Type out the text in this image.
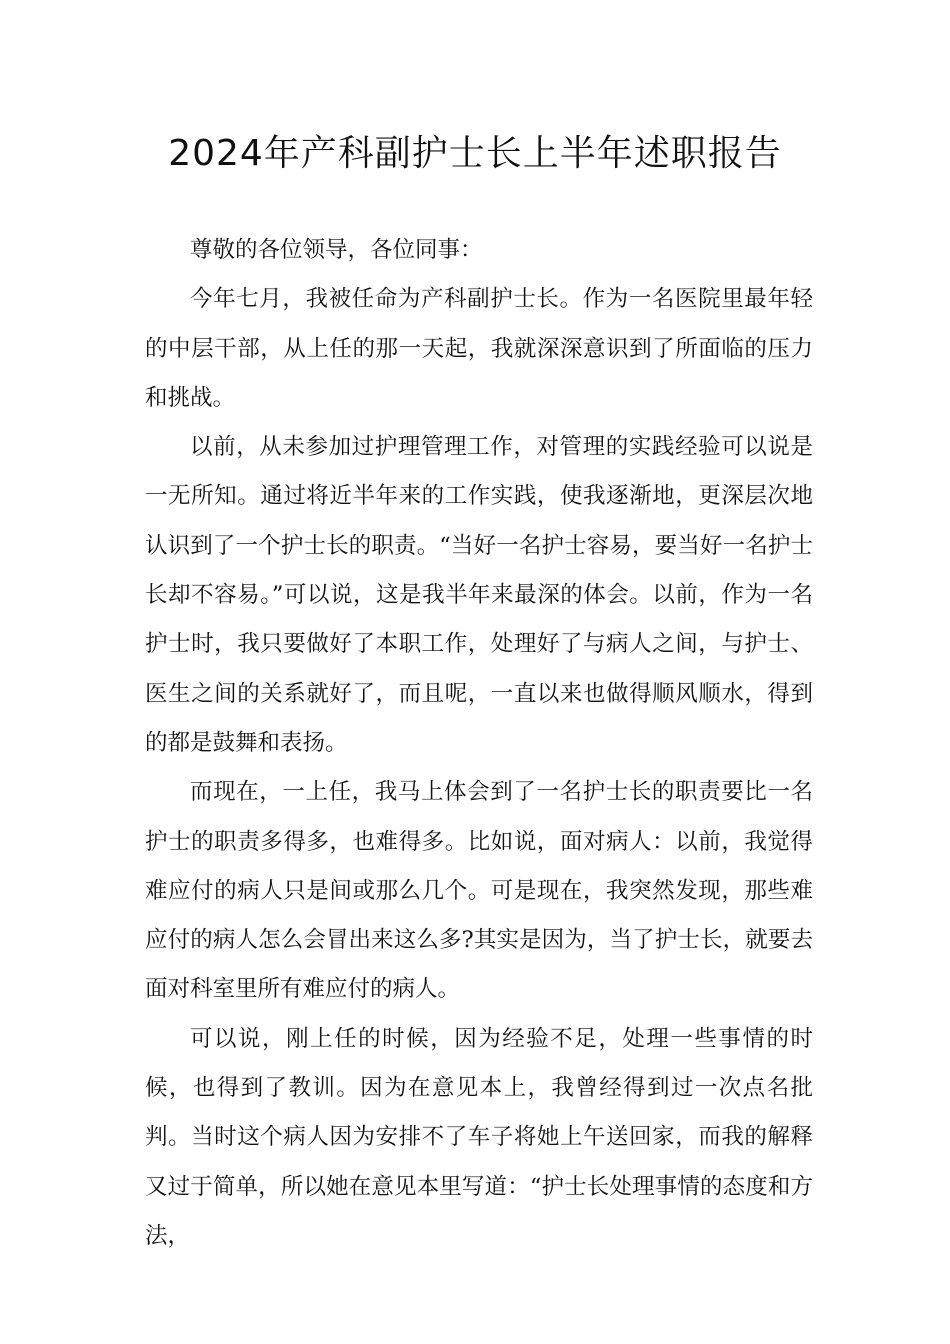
2024年产科副护士长上半年述职报告

尊敬的各位领导，各位同事：

今年七月，我被任命为产科副护士长。作为一名医院里最年轻的中层干部，从上任的那一天起，我就深深意识到了所面临的压力和挑战。

以前，从未参加过护理管理工作，对管理的实践经验可以说是一无所知。通过将近半年来的工作实践，使我逐渐地，更深层次地认识到了一个护士长的职责。“当好一名护士容易，要当好一名护士长却不容易。”可以说，这是我半年来最深的体会。以前，作为一名护士时，我只要做好了本职工作，处理好了与病人之间，与护士、医生之间的关系就好了，而且呢，一直以来也做得顺风顺水，得到的都是鼓舞和表扬。

而现在，一上任，我马上体会到了一名护士长的职责要比一名护士的职责多得多，也难得多。比如说，面对病人：以前，我觉得难应付的病人只是间或那么几个。可是现在，我突然发现，那些难应付的病人怎么会冒出来这么多?其实是因为，当了护士长，就要去面对科室里所有难应付的病人。

可以说，刚上任的时候，因为经验不足，处理一些事情的时候，也得到了教训。因为在意见本上，我曾经得到过一次点名批判。当时这个病人因为安排不了车子将她上午送回家，而我的解释又过于简单，所以她在意见本里写道：“护士长处理事情的态度和方法，
